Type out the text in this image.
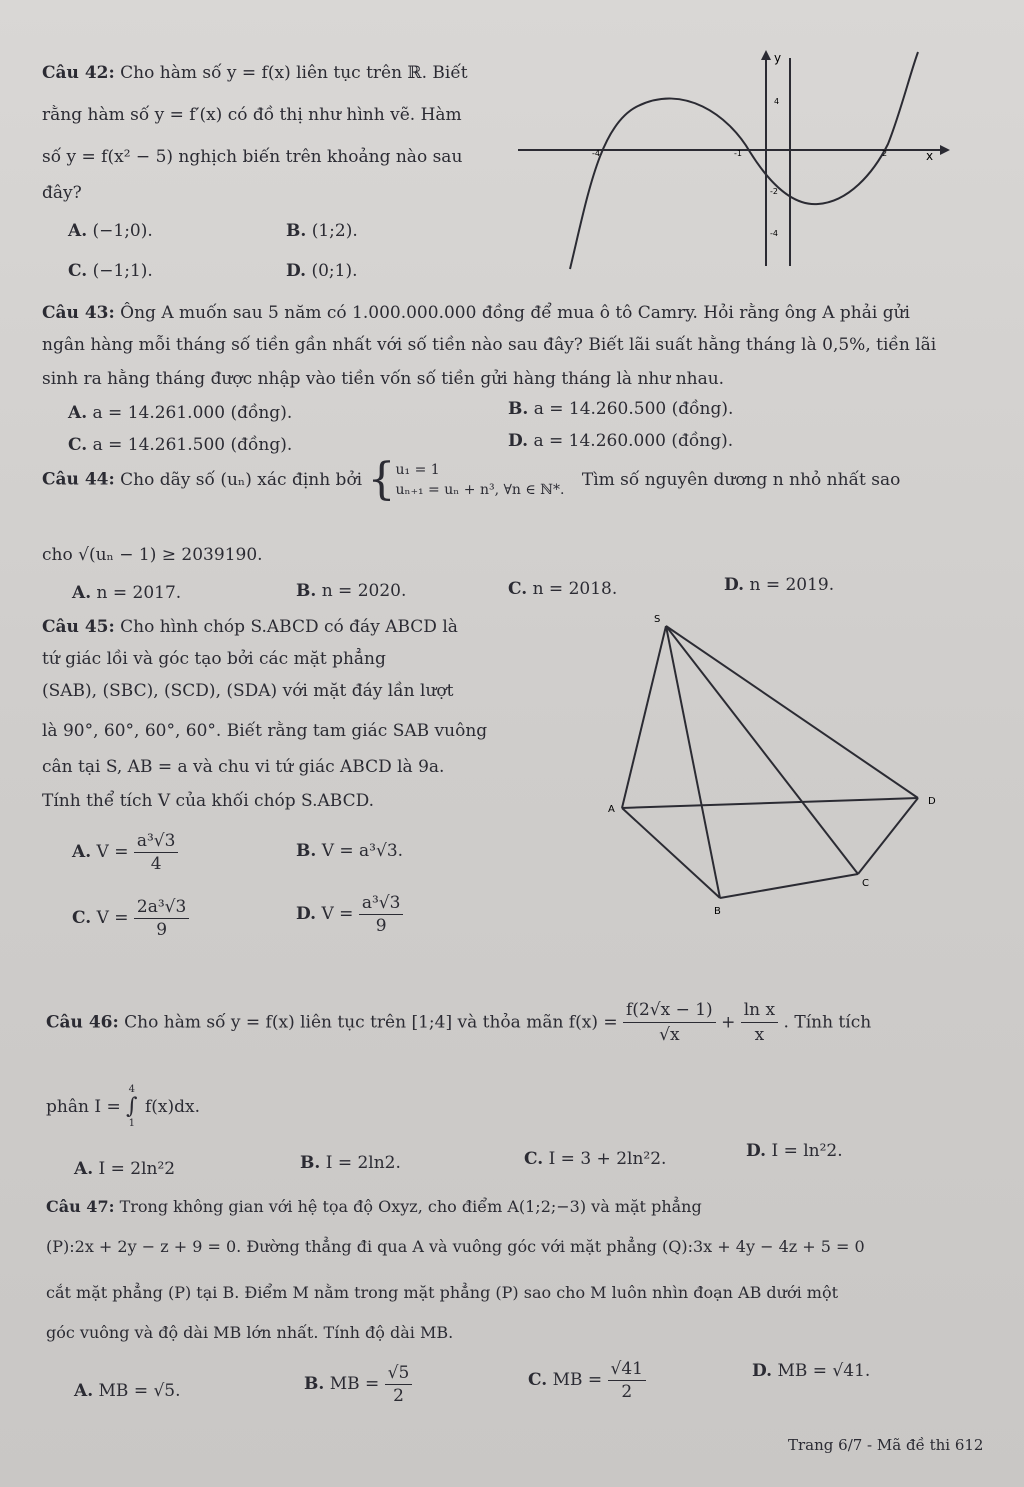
Câu 42: Cho hàm số y = f(x) liên tục trên ℝ. Biết
rằng hàm số y = f′(x) có đồ thị như hình vẽ. Hàm
số y = f(x² − 5) nghịch biến trên khoảng nào sau
đây?
A. (−1;0).	B. (1;2).
C. (−1;1).	D. (0;1).
x
y
-4	-1	2
4
-2
-4
Câu 43: Ông A muốn sau 5 năm có 1.000.000.000 đồng để mua ô tô Camry. Hỏi rằng ông A phải gửi
ngân hàng mỗi tháng số tiền gần nhất với số tiền nào sau đây? Biết lãi suất hằng tháng là 0,5%, tiền lãi
sinh ra hằng tháng được nhập vào tiền vốn số tiền gửi hàng tháng là như nhau.
A. a = 14.261.000 (đồng).	B. a = 14.260.500 (đồng).
C. a = 14.261.500 (đồng).	D. a = 14.260.000 (đồng).
Câu 44: Cho dãy số (uₙ) xác định bởi { u₁ = 1
uₙ₊₁ = uₙ + n³, ∀n ∈ ℕ*. Tìm số nguyên dương n nhỏ nhất sao
cho √(uₙ − 1) ≥ 2039190.
A. n = 2017.	B. n = 2020.	C. n = 2018.	D. n = 2019.
Câu 45: Cho hình chóp S.ABCD có đáy ABCD là
tứ giác lồi và góc tạo bởi các mặt phẳng
(SAB), (SBC), (SCD), (SDA) với mặt đáy lần lượt
là 90°, 60°, 60°, 60°. Biết rằng tam giác SAB vuông
cân tại S, AB = a và chu vi tứ giác ABCD là 9a.
Tính thể tích V của khối chóp S.ABCD.
A. $V = \frac{\text{a³√3}}{4}$	B. V = a³√3.
C. $V = \frac{\text{2a³√3}}{9}$	D. $V = \frac{\text{a³√3}}{9}$
S
A
B
C
D
Câu 46: Cho hàm số y = f(x) liên tục trên [1;4] và thỏa mãn $f(x) = \frac{f(2√x - 1)}{√x} + \frac{\text{ln x}}{x}$ . Tính tích
phân I =
4
∫
1
f(x)dx.
A. I = 2ln²2	B. I = 2ln2.	C. I = 3 + 2ln²2.	D. I = ln²2.
Câu 47: Trong không gian với hệ tọa độ Oxyz, cho điểm A(1;2;−3) và mặt phẳng
(P):2x + 2y − z + 9 = 0. Đường thẳng đi qua A và vuông góc với mặt phẳng (Q):3x + 4y − 4z + 5 = 0
cắt mặt phẳng (P) tại B. Điểm M nằm trong mặt phẳng (P) sao cho M luôn nhìn đoạn AB dưới một
góc vuông và độ dài MB lớn nhất. Tính độ dài MB.
A. MB = √5.	B. MB = $\frac{√5}{2}$	C. MB = $\frac{√41}{2}$	D. MB = √41.
Trang 6/7 - Mã đề thi 612
